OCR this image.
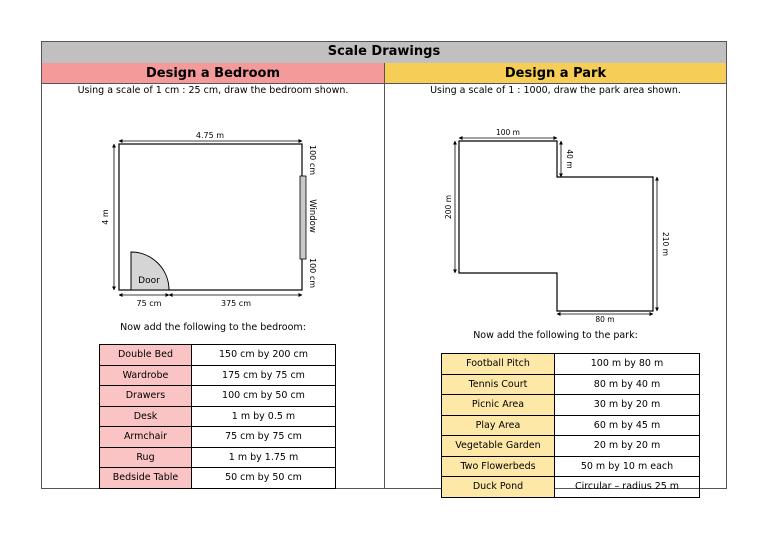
Scale Drawings
Design a Bedroom
Using a scale of 1 cm : 25 cm, draw the bedroom shown.
4.75 m
4 m
100 cm
Window
100 cm
Door
75 cm	375 cm
Now add the following to the bedroom:
Double Bed	150 cm by 200 cm
Wardrobe	175 cm by 75 cm
Drawers	100 cm by 50 cm
Desk	1 m by 0.5 m
Armchair	75 cm by 75 cm
Rug	1 m by 1.75 m
Bedside Table	50 cm by 50 cm
Design a Park
Using a scale of 1 : 1000, draw the park area shown.
100 m
40 m
200 m
210 m
80 m
Now add the following to the park:
Football Pitch	100 m by 80 m
Tennis Court	80 m by 40 m
Picnic Area	30 m by 20 m
Play Area	60 m by 45 m
Vegetable Garden	20 m by 20 m
Two Flowerbeds	50 m by 10 m each
Duck Pond	Circular – radius 25 m
